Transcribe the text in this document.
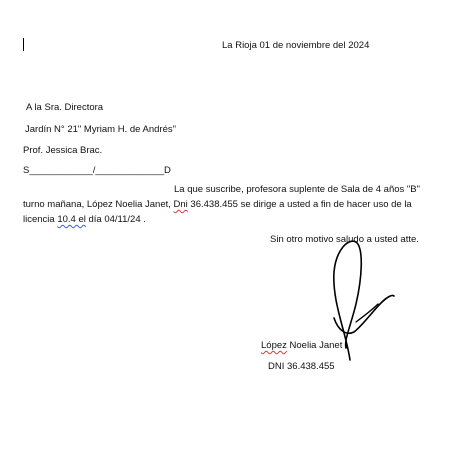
La Rioja 01 de noviembre del 2024
A la Sra. Directora
Jardín N° 21" Myriam H. de Andrés"
Prof. Jessica Brac.
S____________/_____________D
La que suscribe, profesora suplente de Sala de 4 años "B"
turno mañana, López Noelia Janet, Dni 36.438.455 se dirige a usted a fin de hacer uso de la
licencia 10.4 el día 04/11/24 .
Sin otro motivo saludo a usted atte.
López Noelia Janet
DNI 36.438.455
